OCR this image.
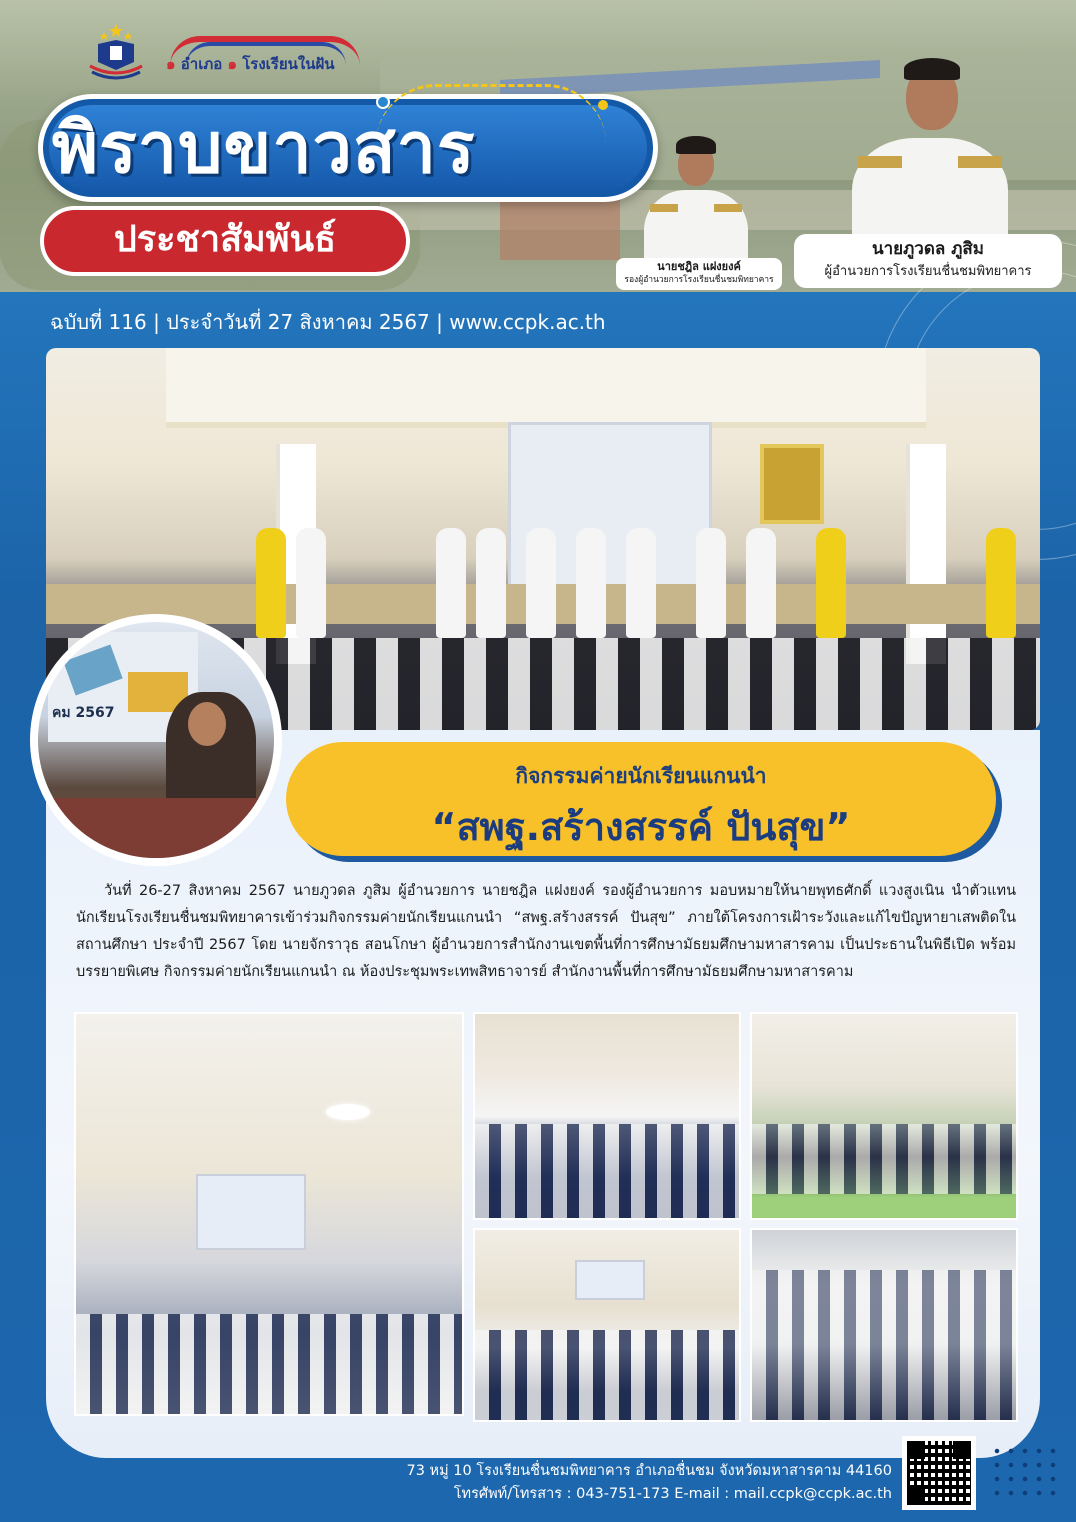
๑ อำเภอ ๑ โรงเรียนในฝัน
พิราบขาวสาร
ประชาสัมพันธ์
นายชฎิล แฝงยงค์
รองผู้อำนวยการโรงเรียนชื่นชมพิทยาคาร
นายภูวดล ภูสิม
ผู้อำนวยการโรงเรียนชื่นชมพิทยาคาร
ฉบับที่ 116 | ประจำวันที่ 27 สิงหาคม 2567 | www.ccpk.ac.th
คม 2567
กิจกรรมค่ายนักเรียนแกนนำ
“สพฐ.สร้างสรรค์ ปันสุข”
วันที่ 26-27 สิงหาคม 2567 นายภูวดล ภูสิม ผู้อำนวยการ นายชฎิล แฝงยงค์ รองผู้อำนวยการ มอบหมายให้นายพุทธศักดิ์ แวงสูงเนิน นำตัวแทนนักเรียนโรงเรียนชื่นชมพิทยาคารเข้าร่วมกิจกรรมค่ายนักเรียนแกนนำ “สพฐ.สร้างสรรค์ ปันสุข” ภายใต้โครงการเฝ้าระวังและแก้ไขปัญหายาเสพติดในสถานศึกษา ประจำปี 2567 โดย นายจักราวุธ สอนโกษา ผู้อำนวยการสำนักงานเขตพื้นที่การศึกษามัธยมศึกษามหาสารคาม เป็นประธานในพิธีเปิด พร้อมบรรยายพิเศษ กิจกรรมค่ายนักเรียนแกนนำ ณ ห้องประชุมพระเทพสิทธาจารย์ สำนักงานพื้นที่การศึกษามัธยมศึกษามหาสารคาม
73 หมู่ 10 โรงเรียนชื่นชมพิทยาคาร อำเภอชื่นชม จังหวัดมหาสารคาม 44160
โทรศัพท์/โทรสาร : 043-751-173 E-mail : mail.ccpk@ccpk.ac.th
